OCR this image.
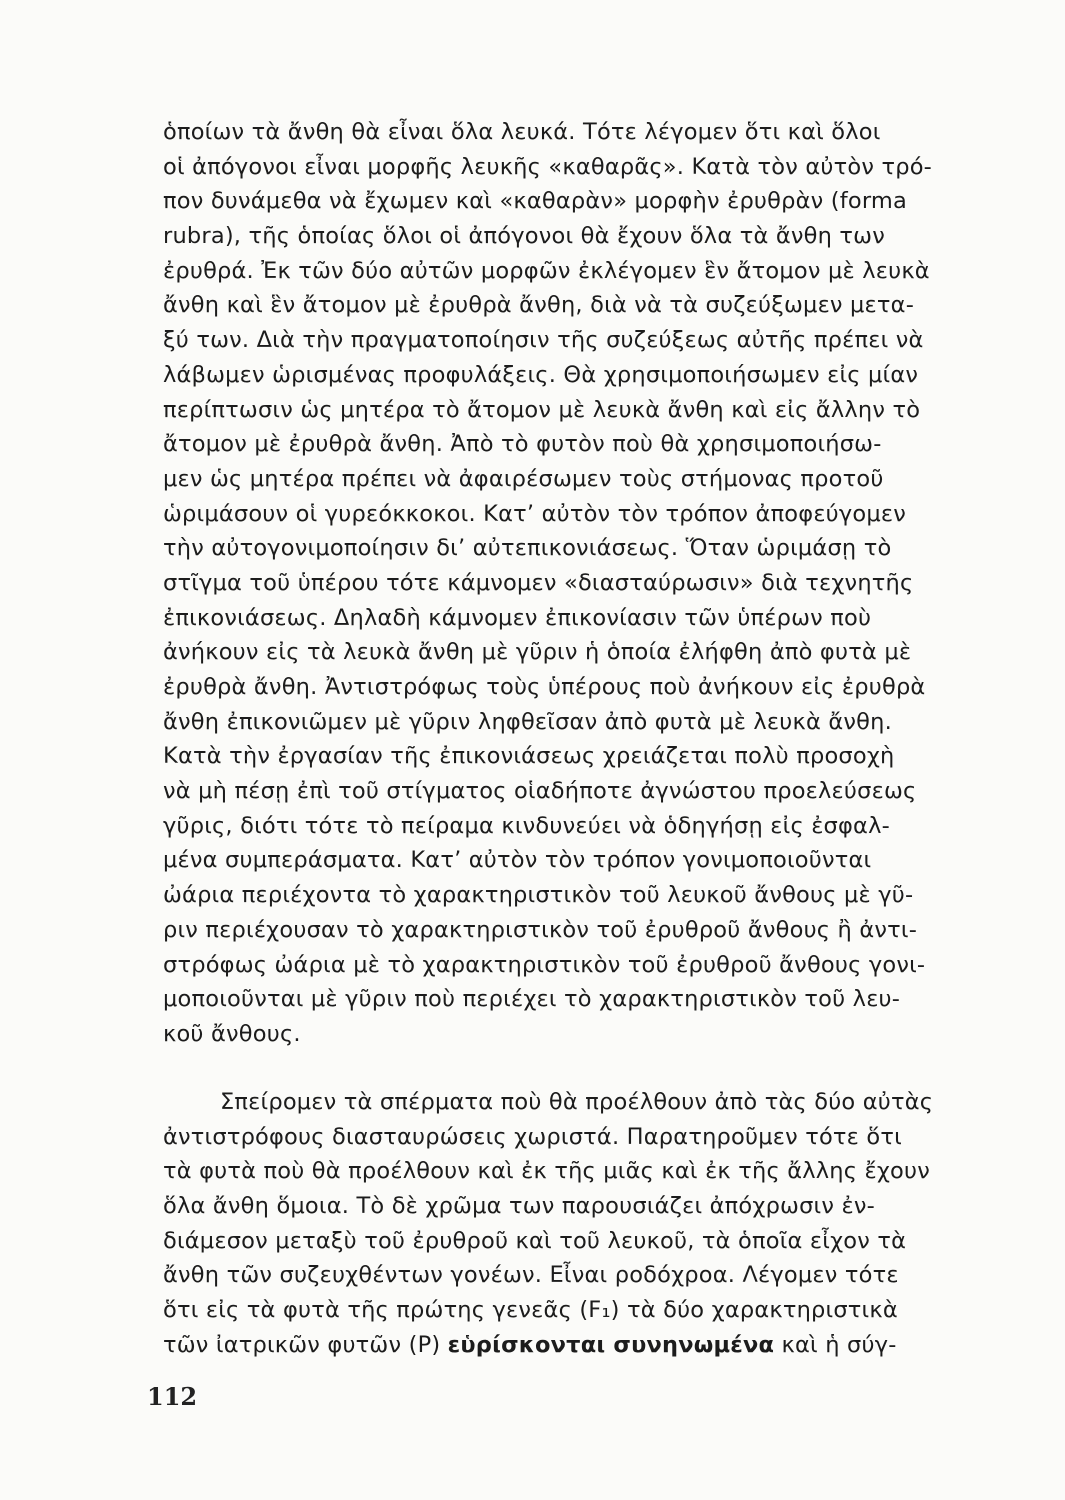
ὁποίων τὰ ἄνθη θὰ εἶναι ὅλα λευκά. Τότε λέγομεν ὅτι καὶ ὅλοι
οἱ ἀπόγονοι εἶναι μορφῆς λευκῆς «καθαρᾶς». Κατὰ τὸν αὐτὸν τρό-
πον δυνάμεθα νὰ ἔχωμεν καὶ «καθαρὰν» μορφὴν ἐρυθρὰν (forma
rubra), τῆς ὁποίας ὅλοι οἱ ἀπόγονοι θὰ ἔχουν ὅλα τὰ ἄνθη των
ἐρυθρά. Ἐκ τῶν δύο αὐτῶν μορφῶν ἐκλέγομεν ἓν ἄτομον μὲ λευκὰ
ἄνθη καὶ ἓν ἄτομον μὲ ἐρυθρὰ ἄνθη, διὰ νὰ τὰ συζεύξωμεν μετα-
ξύ των. Διὰ τὴν πραγματοποίησιν τῆς συζεύξεως αὐτῆς πρέπει νὰ
λάβωμεν ὡρισμένας προφυλάξεις. Θὰ χρησιμοποιήσωμεν εἰς μίαν
περίπτωσιν ὡς μητέρα τὸ ἄτομον μὲ λευκὰ ἄνθη καὶ εἰς ἄλλην τὸ
ἄτομον μὲ ἐρυθρὰ ἄνθη. Ἀπὸ τὸ φυτὸν ποὺ θὰ χρησιμοποιήσω-
μεν ὡς μητέρα πρέπει νὰ ἀφαιρέσωμεν τοὺς στήμονας προτοῦ
ὡριμάσουν οἱ γυρεόκκοκοι. Κατ’ αὐτὸν τὸν τρόπον ἀποφεύγομεν
τὴν αὐτογονιμοποίησιν δι’ αὐτεπικονιάσεως. Ὅταν ὡριμάσῃ τὸ
στῖγμα τοῦ ὑπέρου τότε κάμνομεν «διασταύρωσιν» διὰ τεχνητῆς
ἐπικονιάσεως. Δηλαδὴ κάμνομεν ἐπικονίασιν τῶν ὑπέρων ποὺ
ἀνήκουν εἰς τὰ λευκὰ ἄνθη μὲ γῦριν ἡ ὁποία ἐλήφθη ἀπὸ φυτὰ μὲ
ἐρυθρὰ ἄνθη. Ἀντιστρόφως τοὺς ὑπέρους ποὺ ἀνήκουν εἰς ἐρυθρὰ
ἄνθη ἐπικονιῶμεν μὲ γῦριν ληφθεῖσαν ἀπὸ φυτὰ μὲ λευκὰ ἄνθη.
Κατὰ τὴν ἐργασίαν τῆς ἐπικονιάσεως χρειάζεται πολὺ προσοχὴ
νὰ μὴ πέσῃ ἐπὶ τοῦ στίγματος οἱαδήποτε ἀγνώστου προελεύσεως
γῦρις, διότι τότε τὸ πείραμα κινδυνεύει νὰ ὁδηγήσῃ εἰς ἐσφαλ-
μένα συμπεράσματα. Κατ’ αὐτὸν τὸν τρόπον γονιμοποιοῦνται
ὠάρια περιέχοντα τὸ χαρακτηριστικὸν τοῦ λευκοῦ ἄνθους μὲ γῦ-
ριν περιέχουσαν τὸ χαρακτηριστικὸν τοῦ ἐρυθροῦ ἄνθους ἢ ἀντι-
στρόφως ὠάρια μὲ τὸ χαρακτηριστικὸν τοῦ ἐρυθροῦ ἄνθους γονι-
μοποιοῦνται μὲ γῦριν ποὺ περιέχει τὸ χαρακτηριστικὸν τοῦ λευ-
κοῦ ἄνθους.
Σπείρομεν τὰ σπέρματα ποὺ θὰ προέλθουν ἀπὸ τὰς δύο αὐτὰς
ἀντιστρόφους διασταυρώσεις χωριστά. Παρατηροῦμεν τότε ὅτι
τὰ φυτὰ ποὺ θὰ προέλθουν καὶ ἐκ τῆς μιᾶς καὶ ἐκ τῆς ἄλλης ἔχουν
ὅλα ἄνθη ὅμοια. Τὸ δὲ χρῶμα των παρουσιάζει ἀπόχρωσιν ἐν-
διάμεσον μεταξὺ τοῦ ἐρυθροῦ καὶ τοῦ λευκοῦ, τὰ ὁποῖα εἶχον τὰ
ἄνθη τῶν συζευχθέντων γονέων. Εἶναι ροδόχροα. Λέγομεν τότε
ὅτι εἰς τὰ φυτὰ τῆς πρώτης γενεᾶς (F₁) τὰ δύο χαρακτηριστικὰ
τῶν ἰατρικῶν φυτῶν (P) εὑρίσκονται συνηνωμένα καὶ ἡ σύγ-
112
